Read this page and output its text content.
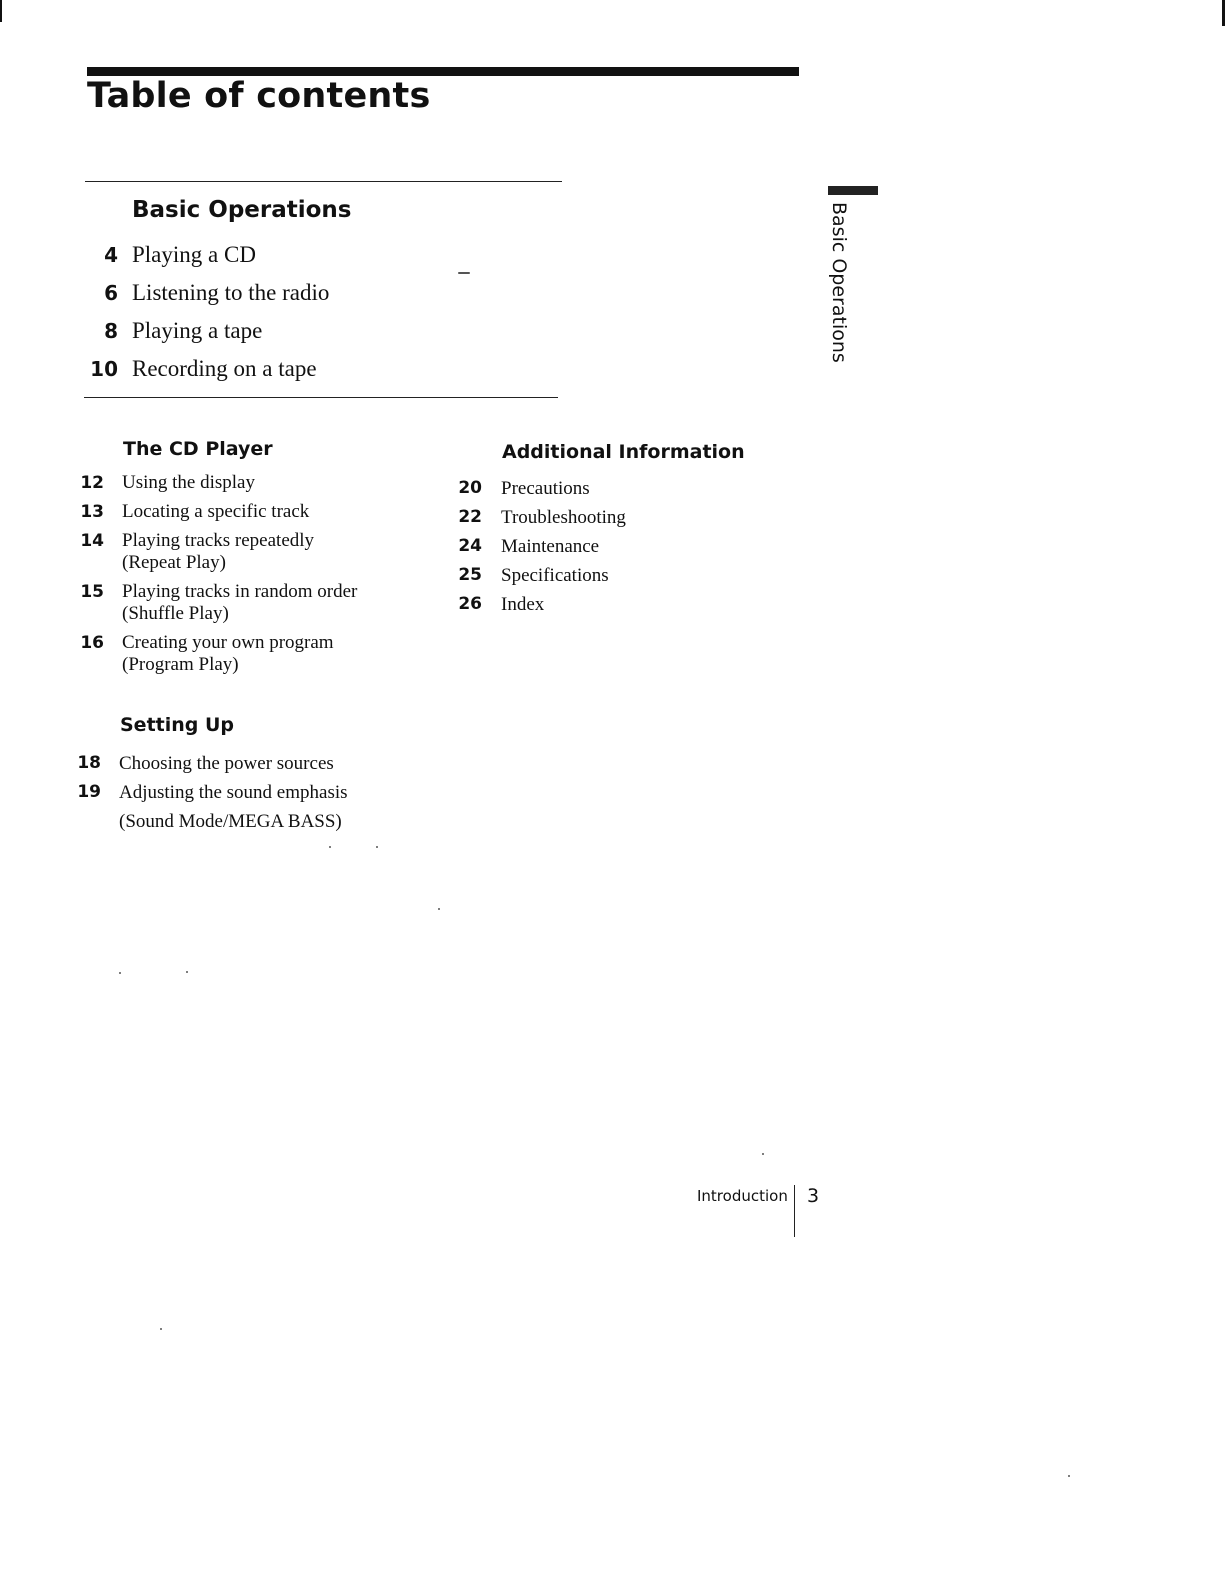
Table of contents
Basic Operations
4 Playing a CD
6 Listening to the radio
8 Playing a tape
10 Recording on a tape
The CD Player
12 Using the display
13 Locating a specific track
14 Playing tracks repeatedly
(Repeat Play)
15 Playing tracks in random order
(Shuffle Play)
16 Creating your own program
(Program Play)
Setting Up
18 Choosing the power sources
19 Adjusting the sound emphasis
(Sound Mode/MEGA BASS)
Additional Information
20 Precautions
22 Troubleshooting
24 Maintenance
25 Specifications
26 Index
Basic Operations
Introduction 3
